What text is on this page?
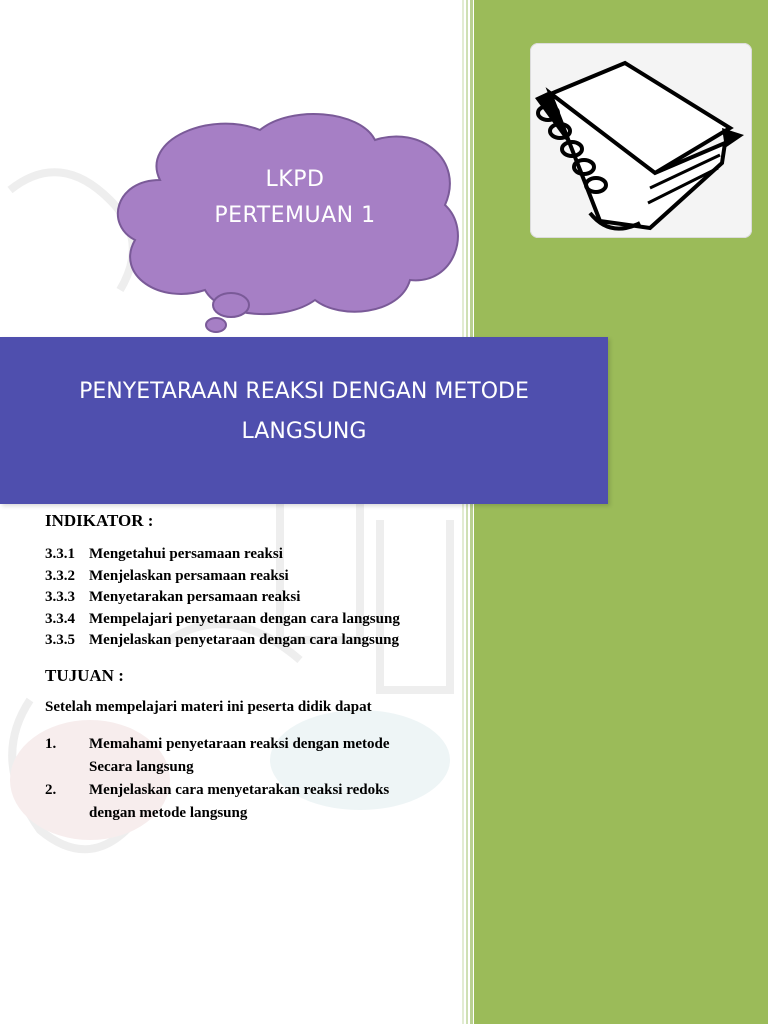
LKPD
PERTEMUAN 1
PENYETARAAN REAKSI DENGAN METODE
LANGSUNG
INDIKATOR :
3.3.1 Mengetahui persamaan reaksi
3.3.2 Menjelaskan persamaan reaksi
3.3.3 Menyetarakan persamaan reaksi
3.3.4 Mempelajari penyetaraan dengan cara langsung
3.3.5 Menjelaskan penyetaraan dengan cara langsung
TUJUAN :
Setelah mempelajari materi ini peserta didik dapat
1.	Memahami penyetaraan reaksi dengan metode
Secara langsung
2.	Menjelaskan cara menyetarakan reaksi redoks
dengan metode langsung
